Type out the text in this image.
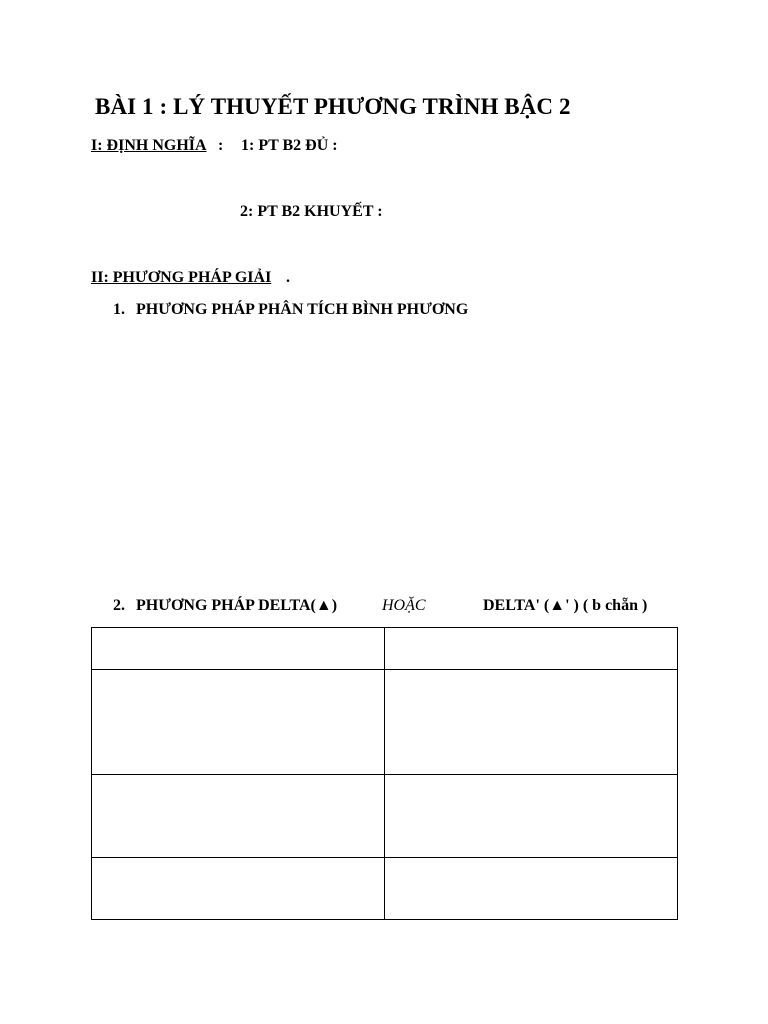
BÀI 1 : LÝ THUYẾT PHƯƠNG TRÌNH BẬC 2
I: ĐỊNH NGHĨA : 1: PT B2 ĐỦ :
2: PT B2 KHUYẾT :
II: PHƯƠNG PHÁP GIẢI .
1. PHƯƠNG PHÁP PHÂN TÍCH BÌNH PHƯƠNG
2. PHƯƠNG PHÁP DELTA(▲)	HOẶC	DELTA' (▲' ) ( b chẵn )
